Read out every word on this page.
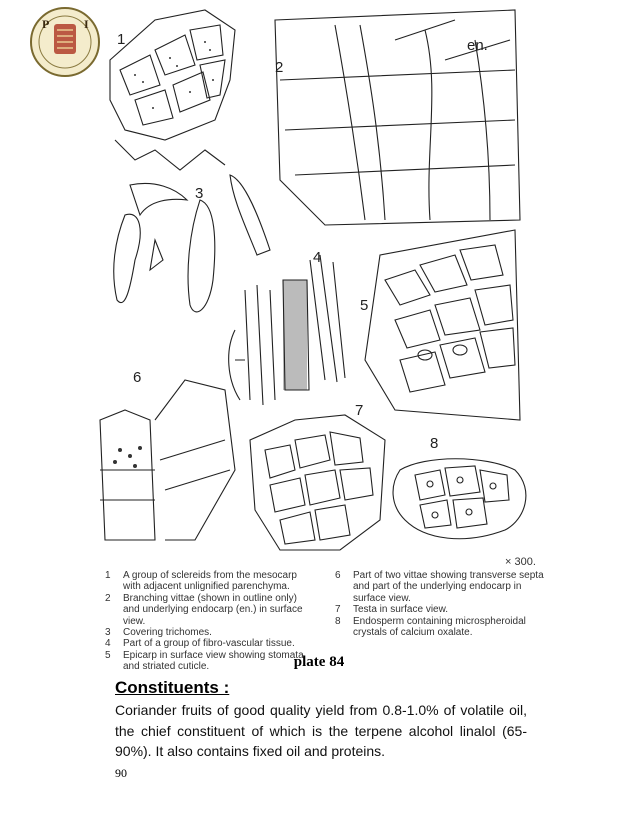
P	I
1
2
en.
3
4
5
6
7
8
× 300.
1	A group of sclereids from the mesocarp with adjacent unlignified parenchyma.
2	Branching vittae (shown in outline only) and underlying endocarp (en.) in surface view.
3	Covering trichomes.
4	Part of a group of fibro-vascular tissue.
5	Epicarp in surface view showing stomata and striated cuticle.
6	Part of two vittae showing transverse septa and part of the underlying endocarp in surface view.
7	Testa in surface view.
8	Endosperm containing microspheroidal crystals of calcium oxalate.
plate 84
Constituents :
Coriander fruits of good quality yield from 0.8-1.0% of volatile oil, the chief constituent of which is the terpene alcohol linalol (65-90%). It also contains fixed oil and proteins.
90
